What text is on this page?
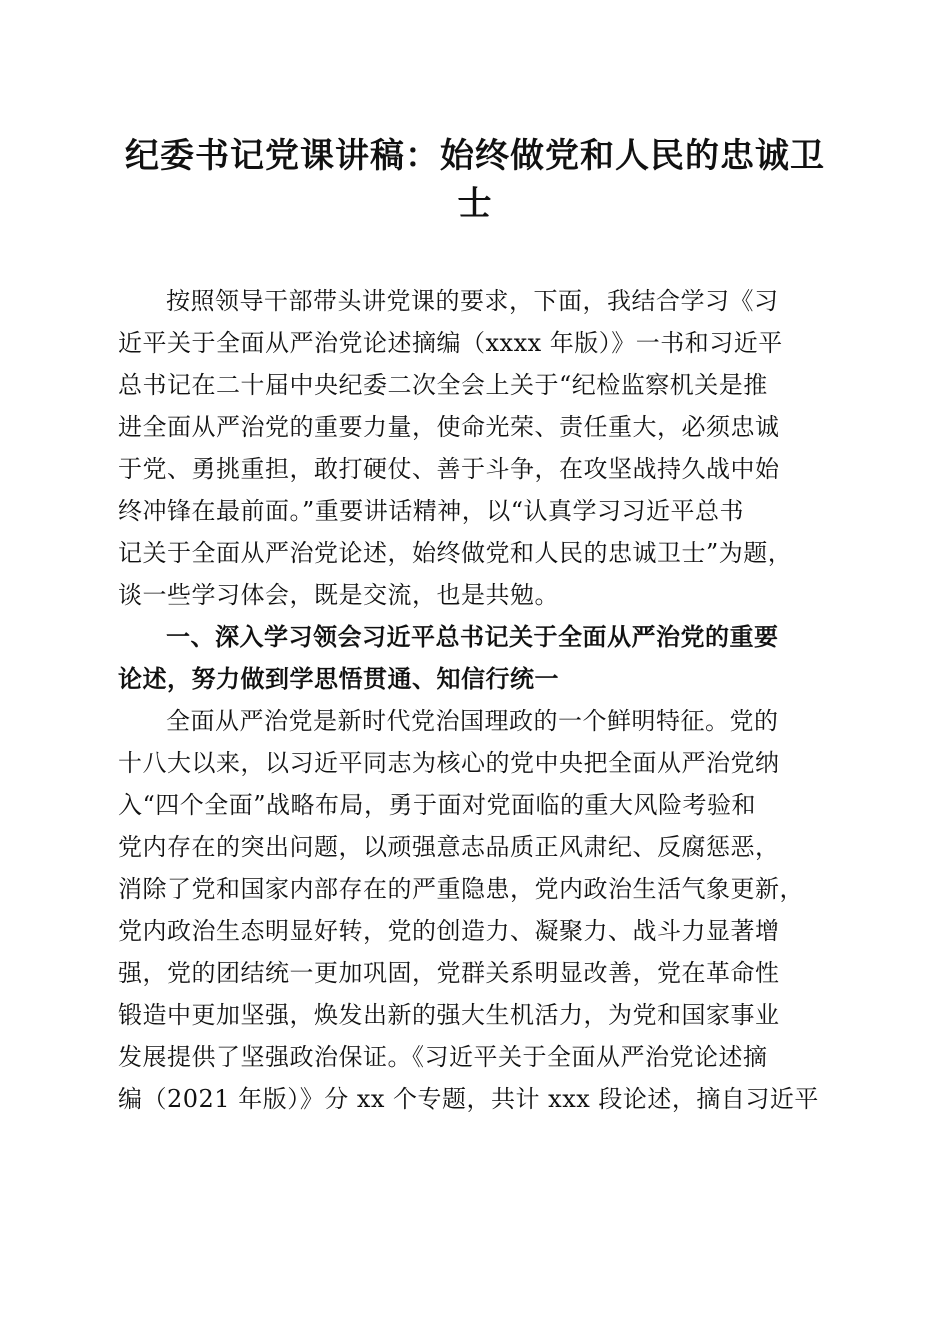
纪委书记党课讲稿：始终做党和人民的忠诚卫
士
按照领导干部带头讲党课的要求，下面，我结合学习《习
近平关于全面从严治党论述摘编（xxxx 年版）》一书和习近平
总书记在二十届中央纪委二次全会上关于“纪检监察机关是推
进全面从严治党的重要力量，使命光荣、责任重大，必须忠诚
于党、勇挑重担，敢打硬仗、善于斗争，在攻坚战持久战中始
终冲锋在最前面。”重要讲话精神，以“认真学习习近平总书
记关于全面从严治党论述，始终做党和人民的忠诚卫士”为题，
谈一些学习体会，既是交流，也是共勉。
一、深入学习领会习近平总书记关于全面从严治党的重要
论述，努力做到学思悟贯通、知信行统一
全面从严治党是新时代党治国理政的一个鲜明特征。党的
十八大以来，以习近平同志为核心的党中央把全面从严治党纳
入“四个全面”战略布局，勇于面对党面临的重大风险考验和
党内存在的突出问题，以顽强意志品质正风肃纪、反腐惩恶，
消除了党和国家内部存在的严重隐患，党内政治生活气象更新，
党内政治生态明显好转，党的创造力、凝聚力、战斗力显著增
强，党的团结统一更加巩固，党群关系明显改善，党在革命性
锻造中更加坚强，焕发出新的强大生机活力，为党和国家事业
发展提供了坚强政治保证。《习近平关于全面从严治党论述摘
编（2021 年版）》分 xx 个专题，共计 xxx 段论述，摘自习近平
